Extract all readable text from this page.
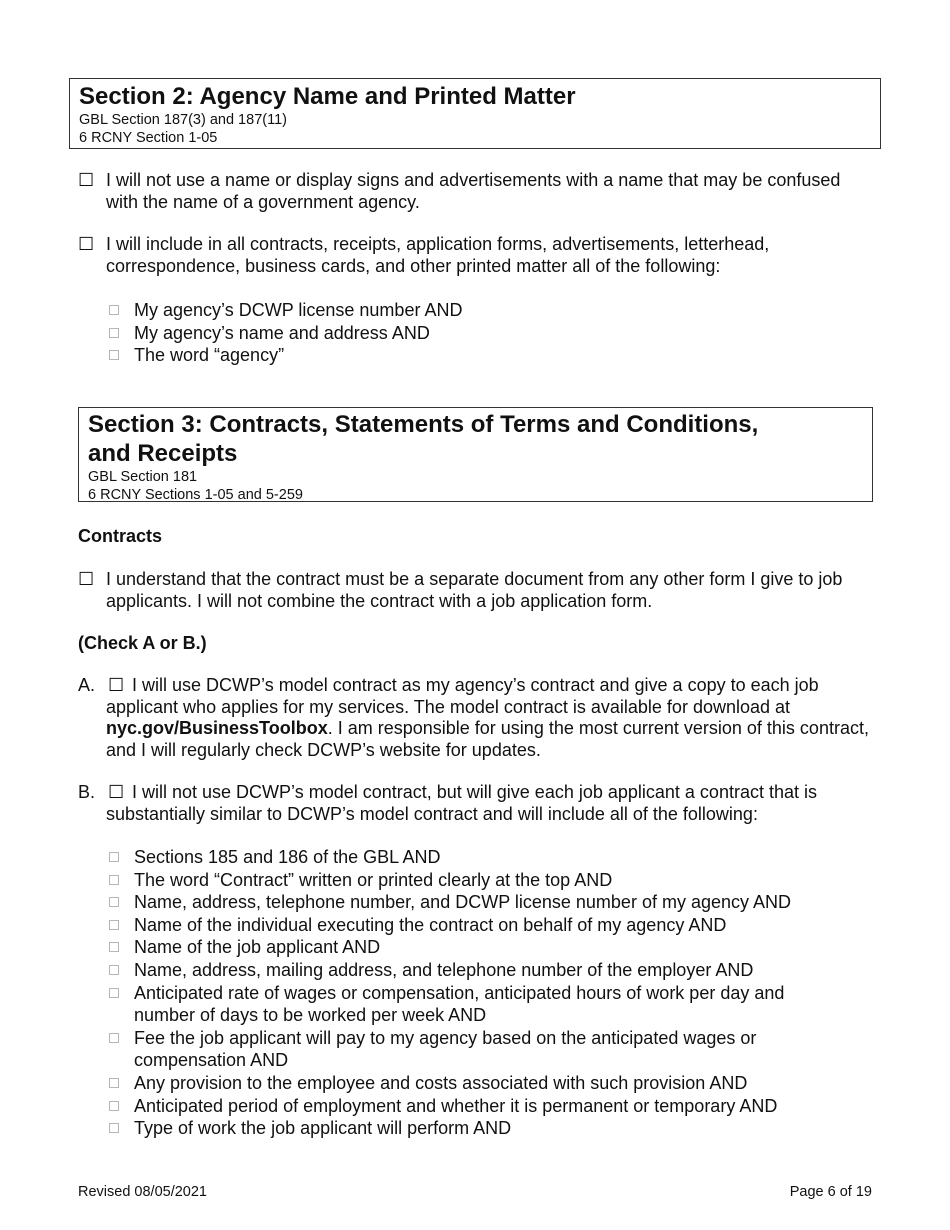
Section 2: Agency Name and Printed Matter
GBL Section 187(3) and 187(11)
6 RCNY Section 1-05
☐ I will not use a name or display signs and advertisements with a name that may be confused with the name of a government agency.
☐ I will include in all contracts, receipts, application forms, advertisements, letterhead, correspondence, business cards, and other printed matter all of the following:
My agency’s DCWP license number AND
My agency’s name and address AND
The word “agency”
Section 3: Contracts, Statements of Terms and Conditions,
and Receipts
GBL Section 181
6 RCNY Sections 1-05 and 5-259
Contracts
☐ I understand that the contract must be a separate document from any other form I give to job applicants. I will not combine the contract with a job application form.
(Check A or B.)
A. ☐ I will use DCWP’s model contract as my agency’s contract and give a copy to each job applicant who applies for my services. The model contract is available for download at nyc.gov/BusinessToolbox. I am responsible for using the most current version of this contract, and I will regularly check DCWP’s website for updates.
B. ☐ I will not use DCWP’s model contract, but will give each job applicant a contract that is substantially similar to DCWP’s model contract and will include all of the following:
Sections 185 and 186 of the GBL AND
The word “Contract” written or printed clearly at the top AND
Name, address, telephone number, and DCWP license number of my agency AND
Name of the individual executing the contract on behalf of my agency AND
Name of the job applicant AND
Name, address, mailing address, and telephone number of the employer AND
Anticipated rate of wages or compensation, anticipated hours of work per day and number of days to be worked per week AND
Fee the job applicant will pay to my agency based on the anticipated wages or compensation AND
Any provision to the employee and costs associated with such provision AND
Anticipated period of employment and whether it is permanent or temporary AND
Type of work the job applicant will perform AND
Revised 08/05/2021	Page 6 of 19
